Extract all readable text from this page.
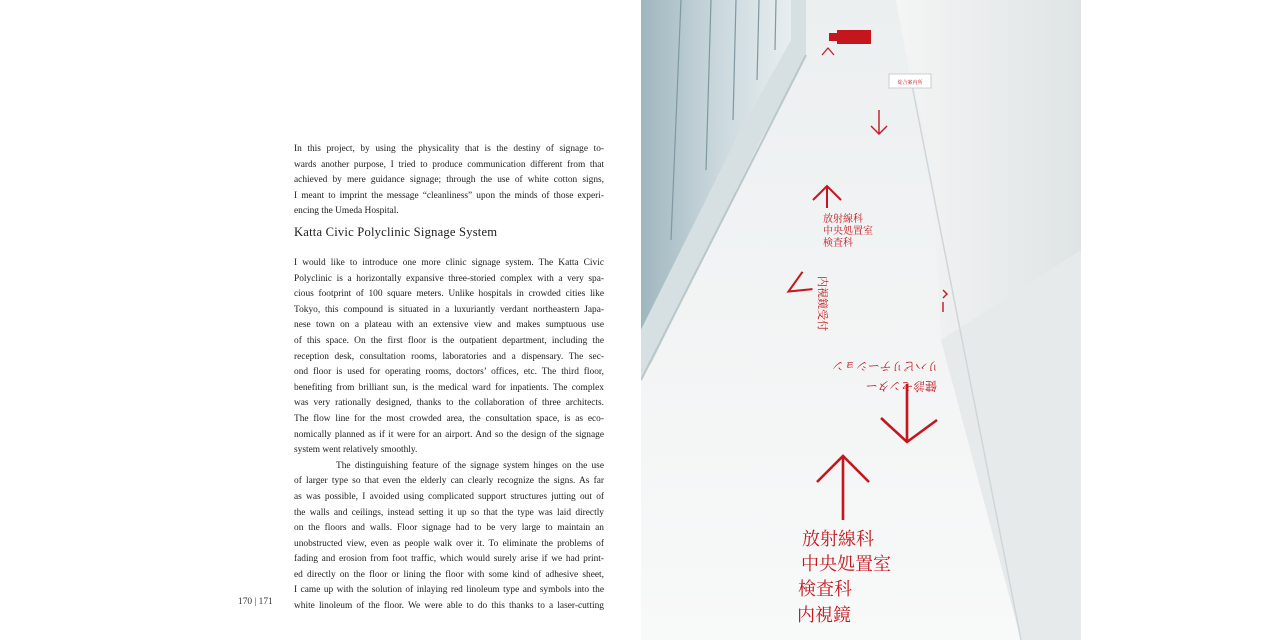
In this project, by using the physicality that is the destiny of signage to-
wards another purpose, I tried to produce communication different from that
achieved by mere guidance signage; through the use of white cotton signs,
I meant to imprint the message “cleanliness” upon the minds of those experi-
encing the Umeda Hospital.
Katta Civic Polyclinic Signage System
I would like to introduce one more clinic signage system. The Katta Civic
Polyclinic is a horizontally expansive three-storied complex with a very spa-
cious footprint of 100 square meters. Unlike hospitals in crowded cities like
Tokyo, this compound is situated in a luxuriantly verdant northeastern Japa-
nese town on a plateau with an extensive view and makes sumptuous use
of this space. On the first floor is the outpatient department, including the
reception desk, consultation rooms, laboratories and a dispensary. The sec-
ond floor is used for operating rooms, doctors’ offices, etc. The third floor,
benefiting from brilliant sun, is the medical ward for inpatients. The complex
was very rationally designed, thanks to the collaboration of three architects.
The flow line for the most crowded area, the consultation space, is as eco-
nomically planned as if it were for an airport. And so the design of the signage
system went relatively smoothly.
The distinguishing feature of the signage system hinges on the use
of larger type so that even the elderly can clearly recognize the signs. As far
as was possible, I avoided using complicated support structures jutting out of
the walls and ceilings, instead setting it up so that the type was laid directly
on the floors and walls. Floor signage had to be very large to maintain an
unobstructed view, even as people walk over it. To eliminate the problems of
fading and erosion from foot traffic, which would surely arise if we had print-
ed directly on the floor or lining the floor with some kind of adhesive sheet,
I came up with the solution of inlaying red linoleum type and symbols into the
white linoleum of the floor. We were able to do this thanks to a laser-cutting
170 | 171
総合案内所
放射線科
中央処置室
検査科
内視鏡受付
健診センター
リハビリテーション
放射線科
中央処置室
検査科
内視鏡
